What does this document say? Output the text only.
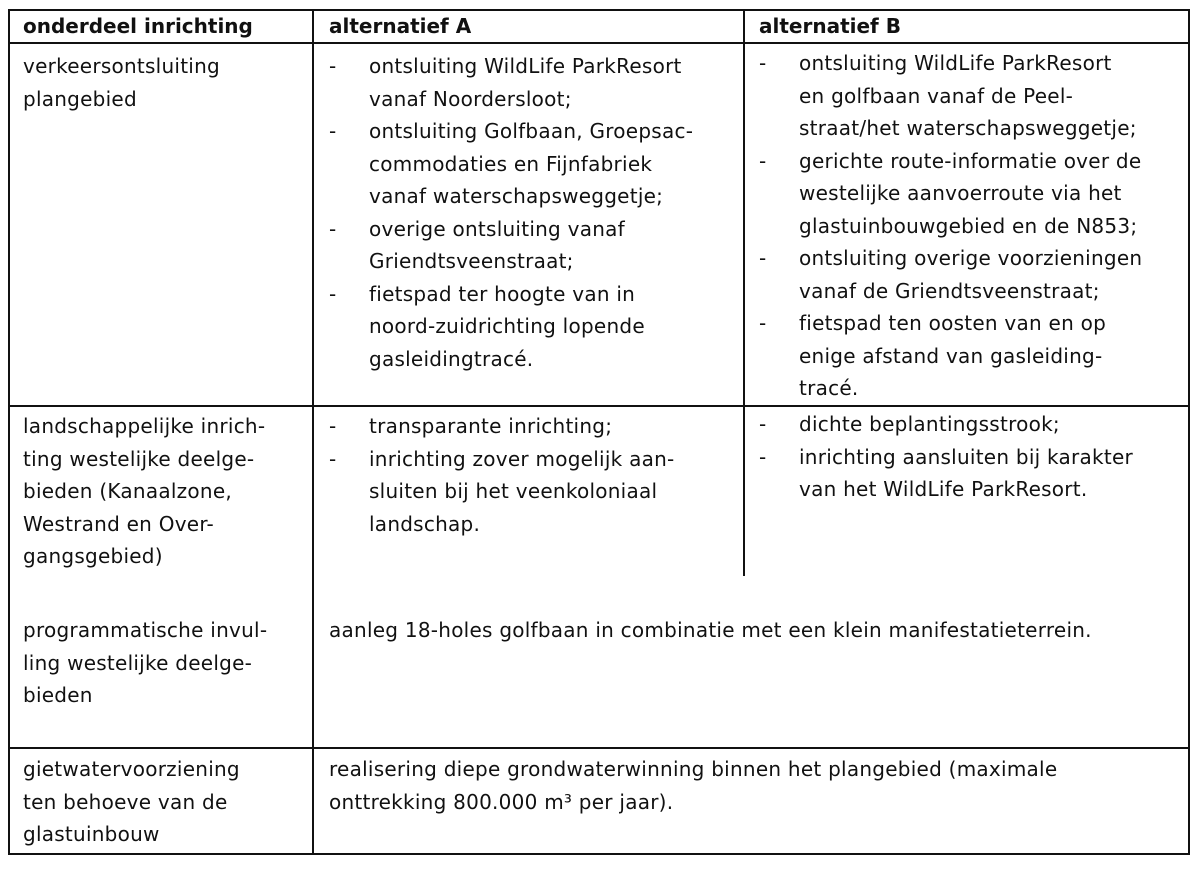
onderdeel inrichting	alternatief A	alternatief B
verkeersontsluiting
plangebied
- ontsluiting WildLife ParkResort
vanaf Noordersloot;
- ontsluiting Golfbaan, Groepsac-
commodaties en Fijnfabriek
vanaf waterschapsweggetje;
- overige ontsluiting vanaf
Griendtsveenstraat;
- fietspad ter hoogte van in
noord-zuidrichting lopende
gasleidingtracé.
- ontsluiting WildLife ParkResort
en golfbaan vanaf de Peel-
straat/het waterschapsweggetje;
- gerichte route-informatie over de
westelijke aanvoerroute via het
glastuinbouwgebied en de N853;
- ontsluiting overige voorzieningen
vanaf de Griendtsveenstraat;
- fietspad ten oosten van en op
enige afstand van gasleiding-
tracé.
landschappelijke inrich-
ting westelijke deelge-
bieden (Kanaalzone,
Westrand en Over-
gangsgebied)
- transparante inrichting;
- inrichting zover mogelijk aan-
sluiten bij het veenkoloniaal
landschap.
- dichte beplantingsstrook;
- inrichting aansluiten bij karakter
van het WildLife ParkResort.
programmatische invul-
ling westelijke deelge-
bieden
aanleg 18-holes golfbaan in combinatie met een klein manifestatieterrein.
gietwatervoorziening
ten behoeve van de
glastuinbouw
realisering diepe grondwaterwinning binnen het plangebied (maximale
onttrekking 800.000 m³ per jaar).
